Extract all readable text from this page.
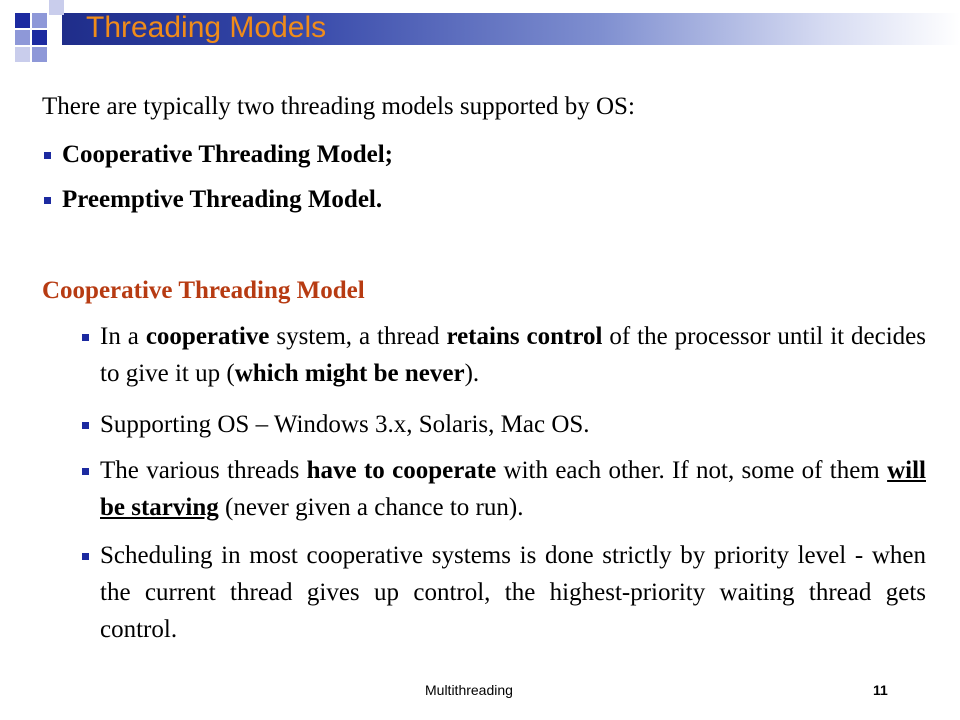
Threading Models
There are typically two threading models supported by OS:
Cooperative Threading Model;
Preemptive Threading Model.
Cooperative Threading Model
In a cooperative system, a thread retains control of the processor until it decides to give it up (which might be never).
Supporting OS – Windows 3.x, Solaris, Mac OS.
The various threads have to cooperate with each other. If not, some of them will be starving (never given a chance to run).
Scheduling in most cooperative systems is done strictly by priority level - when the current thread gives up control, the highest-priority waiting thread gets control.
Multithreading	11
